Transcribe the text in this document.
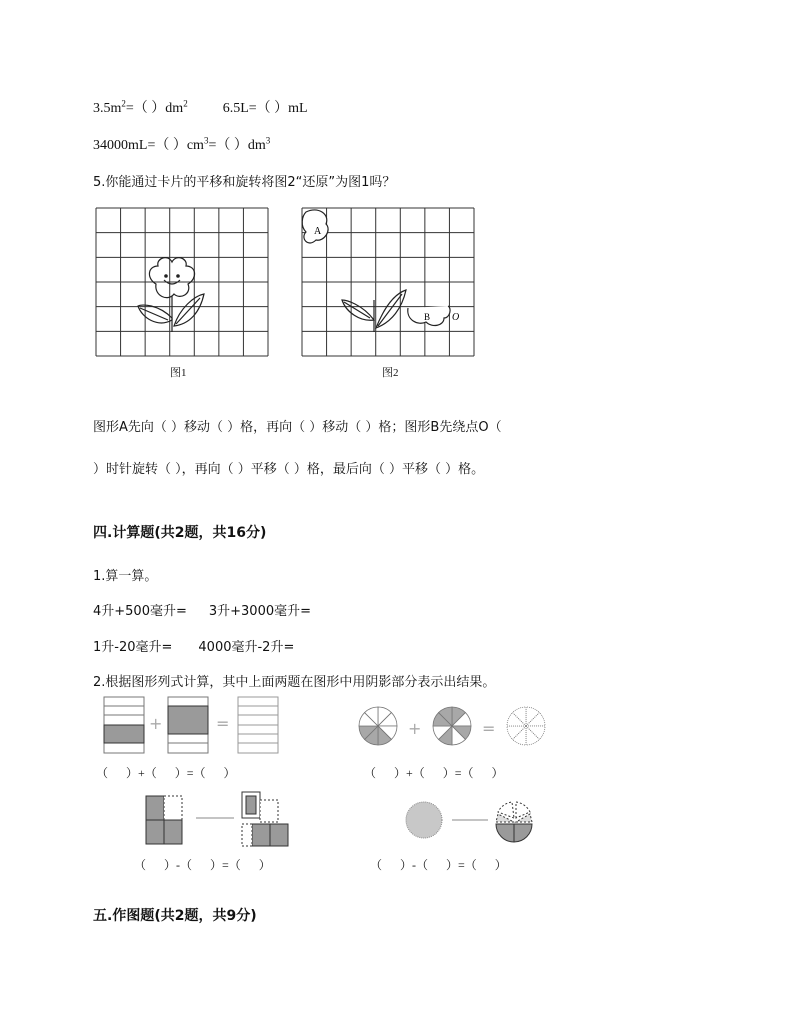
$3.5m^2=$（ ）$dm^2$	6.5L=（ ）mL
34000mL=（ ）$cm^3=$（ ）$dm^3$
5.你能通过卡片的平移和旋转将图2“还原”为图1吗？
图1
A
B O
图2
图形A先向（ ）移动（ ）格，再向（ ）移动（ ）格；图形B先绕点O（
）时针旋转（ ），再向（ ）平移（ ）格，最后向（ ）平移（ ）格。
四.计算题(共2题，共16分)
1.算一算。
4升+500毫升= 3升+3000毫升=
1升-20毫升= 4000毫升-2升=
2.根据图形列式计算，其中上面两题在图形中用阴影部分表示出结果。
+	=	+	=
（      ）+（      ）=（      ）	（      ）+（      ）=（      ）
（      ）-（      ）=（      ）	（      ）-（      ）=（      ）
五.作图题(共2题，共9分)
